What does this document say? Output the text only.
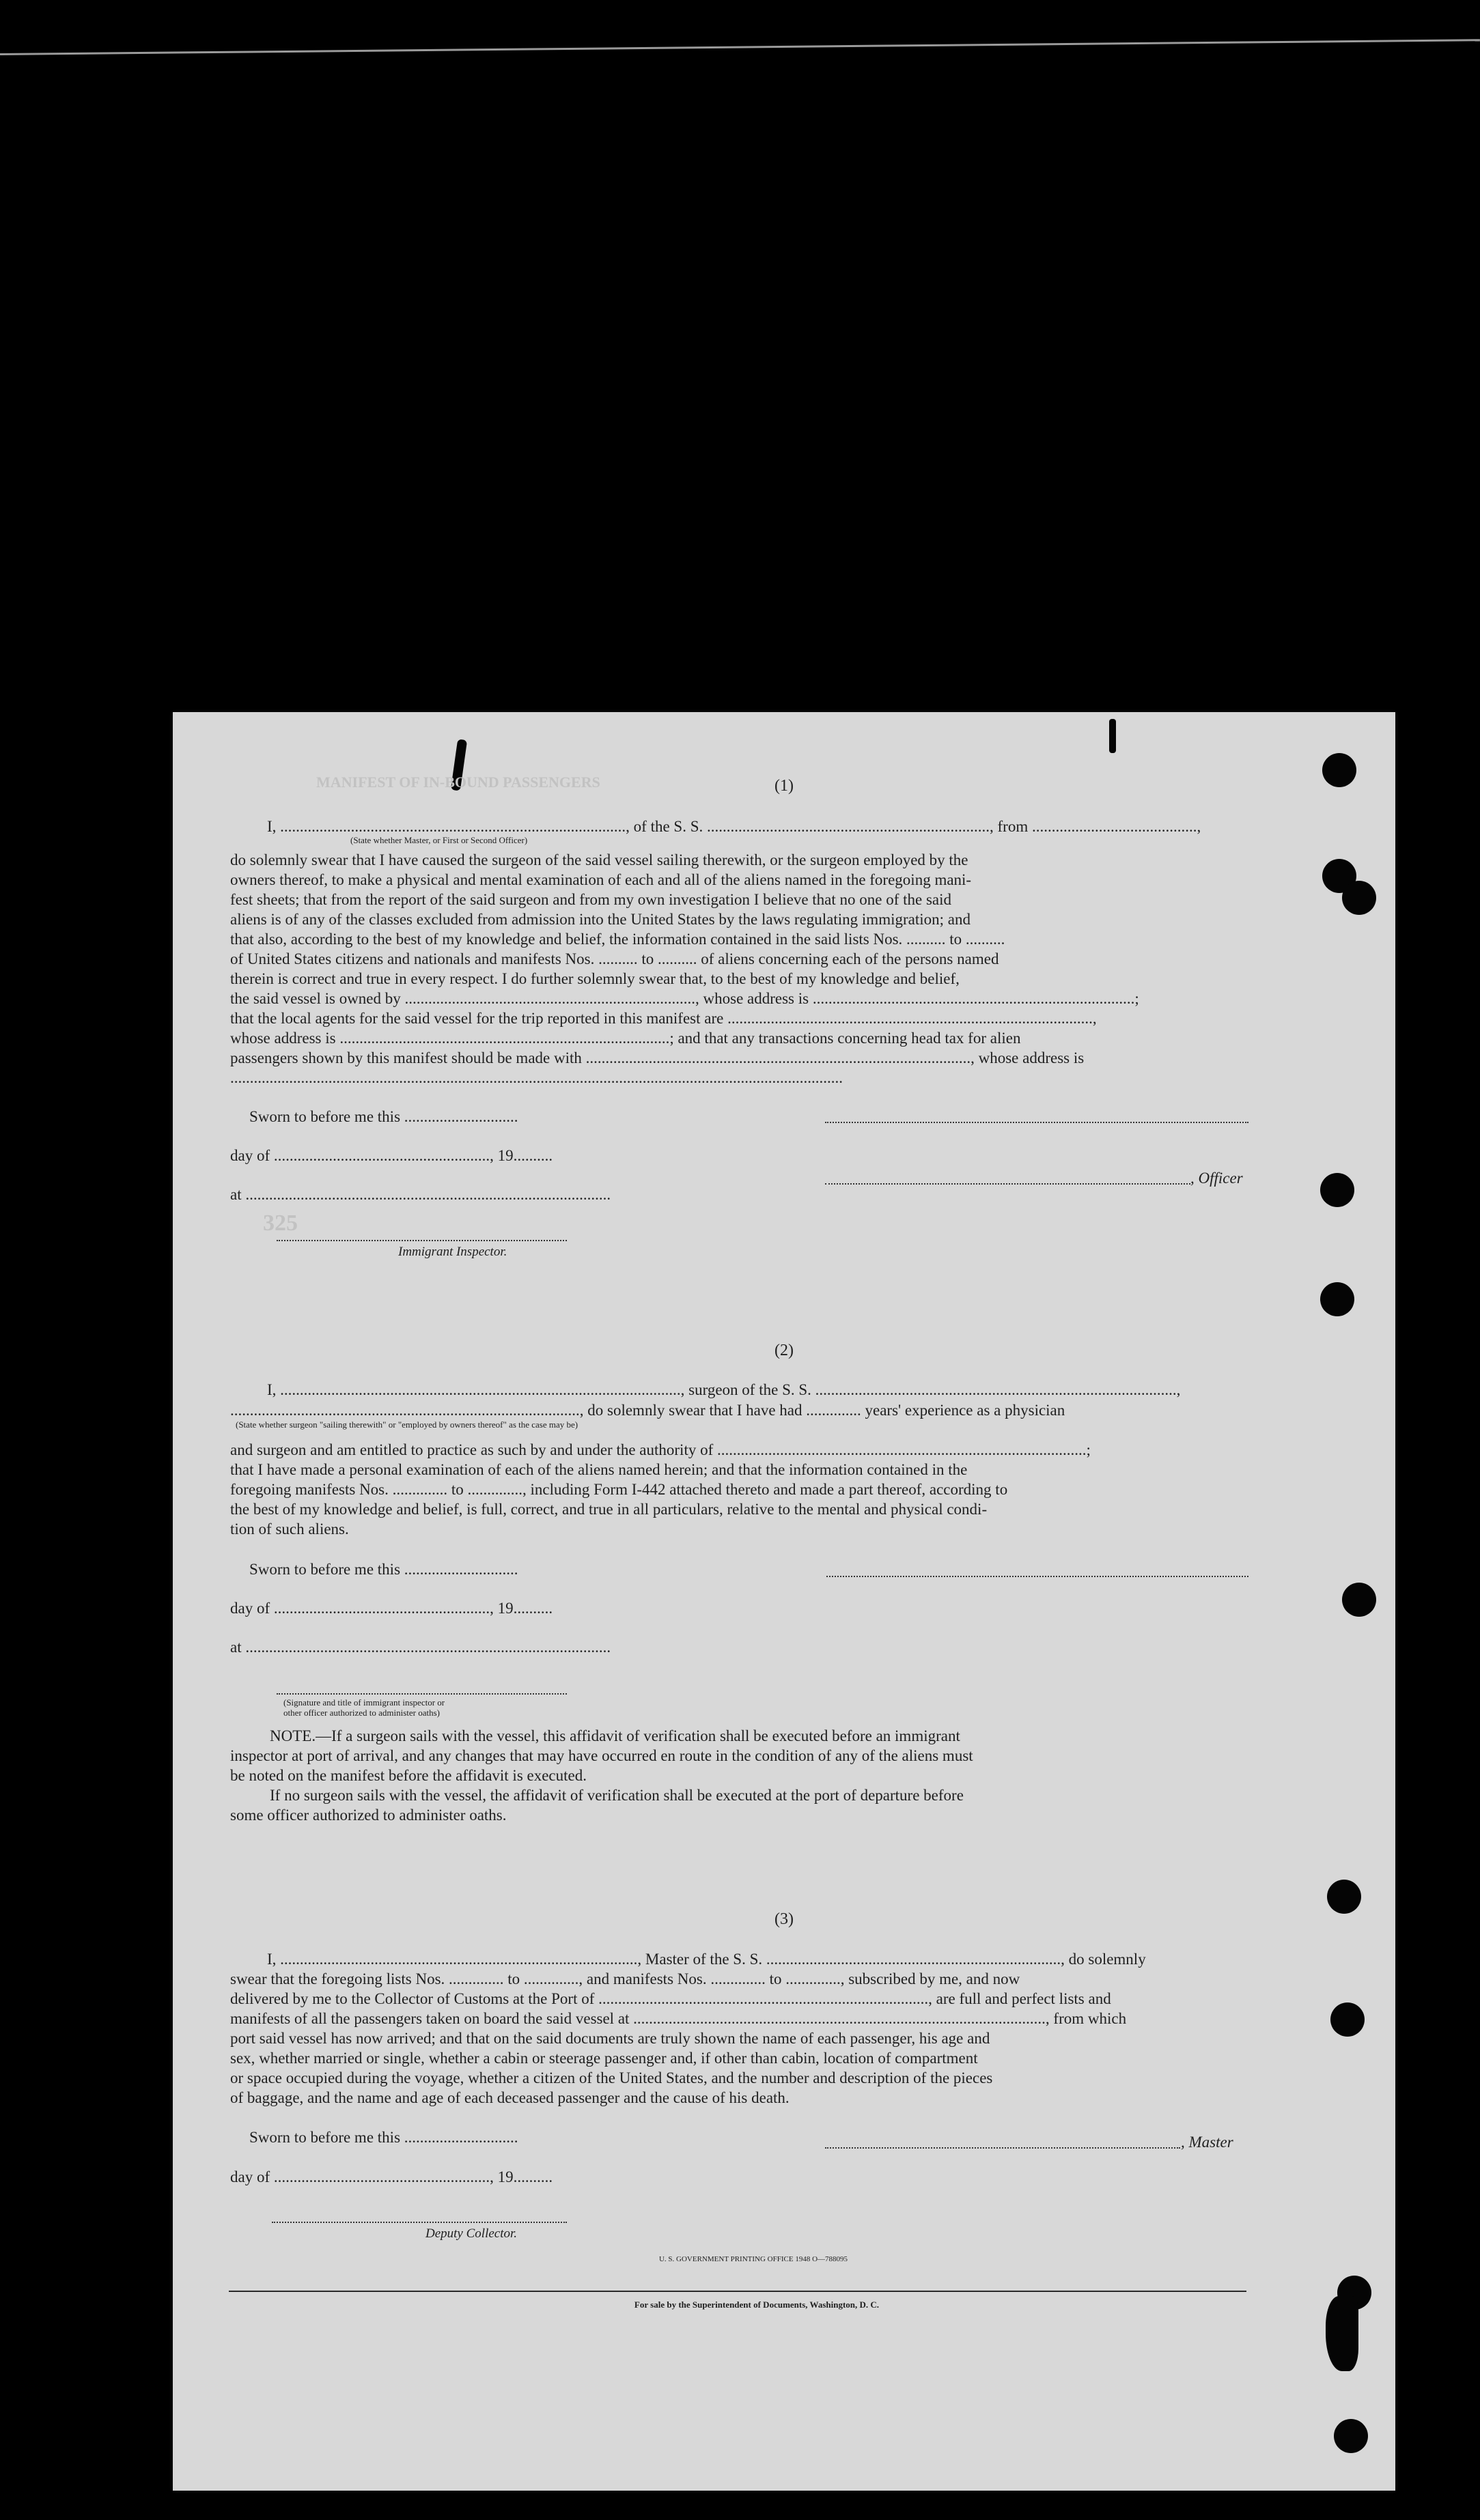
MANIFEST OF IN-BOUND PASSENGERS
325
(1)
I, ........................................................................................, of the S. S. ........................................................................, from ..........................................,
(State whether Master, or First or Second Officer)
do solemnly swear that I have caused the surgeon of the said vessel sailing therewith, or the surgeon employed by the
owners thereof, to make a physical and mental examination of each and all of the aliens named in the foregoing mani-
fest sheets; that from the report of the said surgeon and from my own investigation I believe that no one of the said
aliens is of any of the classes excluded from admission into the United States by the laws regulating immigration; and
that also, according to the best of my knowledge and belief, the information contained in the said lists Nos. .......... to ..........
of United States citizens and nationals and manifests Nos. .......... to .......... of aliens concerning each of the persons named
therein is correct and true in every respect. I do further solemnly swear that, to the best of my knowledge and belief,
the said vessel is owned by .........................................................................., whose address is ..................................................................................;
that the local agents for the said vessel for the trip reported in this manifest are .............................................................................................,
whose address is ....................................................................................; and that any transactions concerning head tax for alien
passengers shown by this manifest should be made with .................................................................................................., whose address is
............................................................................................................................................................
Sworn to before me this .............................
day of ......................................................., 19..........
at .............................................................................................
Immigrant Inspector.
, Officer
(2)
I, ......................................................................................................, surgeon of the S. S. ............................................................................................,
........................................................................................., do solemnly swear that I have had .............. years' experience as a physician
(State whether surgeon "sailing therewith" or "employed by owners thereof" as the case may be)
and surgeon and am entitled to practice as such by and under the authority of ..............................................................................................;
that I have made a personal examination of each of the aliens named herein; and that the information contained in the
foregoing manifests Nos. .............. to .............., including Form I-442 attached thereto and made a part thereof, according to
the best of my knowledge and belief, is full, correct, and true in all particulars, relative to the mental and physical condi-
tion of such aliens.
Sworn to before me this .............................
day of ......................................................., 19..........
at .............................................................................................
(Signature and title of immigrant inspector or
other officer authorized to administer oaths)
NOTE.—If a surgeon sails with the vessel, this affidavit of verification shall be executed before an immigrant
inspector at port of arrival, and any changes that may have occurred en route in the condition of any of the aliens must
be noted on the manifest before the affidavit is executed.
If no surgeon sails with the vessel, the affidavit of verification shall be executed at the port of departure before
some officer authorized to administer oaths.
(3)
I, ..........................................................................................., Master of the S. S. ..........................................................................., do solemnly
swear that the foregoing lists Nos. .............. to .............., and manifests Nos. .............. to .............., subscribed by me, and now
delivered by me to the Collector of Customs at the Port of ...................................................................................., are full and perfect lists and
manifests of all the passengers taken on board the said vessel at ........................................................................................................., from which
port said vessel has now arrived; and that on the said documents are truly shown the name of each passenger, his age and
sex, whether married or single, whether a cabin or steerage passenger and, if other than cabin, location of compartment
or space occupied during the voyage, whether a citizen of the United States, and the number and description of the pieces
of baggage, and the name and age of each deceased passenger and the cause of his death.
Sworn to before me this .............................	, Master
day of ......................................................., 19..........
Deputy Collector.
U. S. GOVERNMENT PRINTING OFFICE 1948 O—788095
For sale by the Superintendent of Documents, Washington, D. C.
